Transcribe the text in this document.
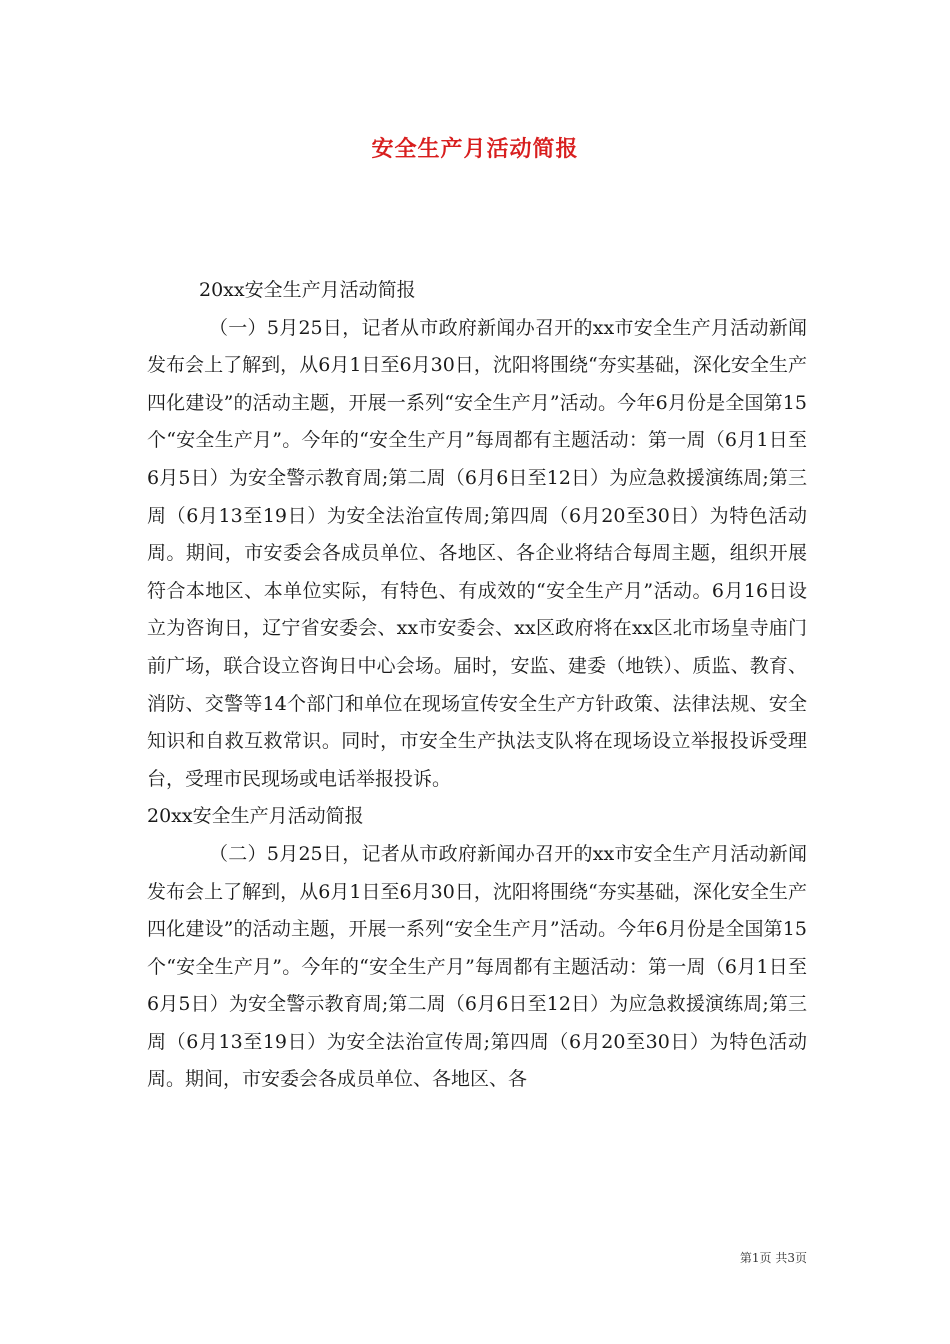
安全生产月活动简报

20xx安全生产月活动简报

（一）5月25日，记者从市政府新闻办召开的xx市安全生产月活动新闻发布会上了解到，从6月1日至6月30日，沈阳将围绕“夯实基础，深化安全生产四化建设”的活动主题，开展一系列“安全生产月”活动。今年6月份是全国第15个“安全生产月”。今年的“安全生产月”每周都有主题活动：第一周（6月1日至6月5日）为安全警示教育周;第二周（6月6日至12日）为应急救援演练周;第三周（6月13至19日）为安全法治宣传周;第四周（6月20至30日）为特色活动周。期间，市安委会各成员单位、各地区、各企业将结合每周主题，组织开展符合本地区、本单位实际，有特色、有成效的“安全生产月”活动。6月16日设立为咨询日，辽宁省安委会、xx市安委会、xx区政府将在xx区北市场皇寺庙门前广场，联合设立咨询日中心会场。届时，安监、建委（地铁）、质监、教育、消防、交警等14个部门和单位在现场宣传安全生产方针政策、法律法规、安全知识和自救互救常识。同时，市安全生产执法支队将在现场设立举报投诉受理台，受理市民现场或电话举报投诉。

20xx安全生产月活动简报

（二）5月25日，记者从市政府新闻办召开的xx市安全生产月活动新闻发布会上了解到，从6月1日至6月30日，沈阳将围绕“夯实基础，深化安全生产四化建设”的活动主题，开展一系列“安全生产月”活动。今年6月份是全国第15个“安全生产月”。今年的“安全生产月”每周都有主题活动：第一周（6月1日至6月5日）为安全警示教育周;第二周（6月6日至12日）为应急救援演练周;第三周（6月13至19日）为安全法治宣传周;第四周（6月20至30日）为特色活动周。期间，市安委会各成员单位、各地区、各

第1页 共3页
